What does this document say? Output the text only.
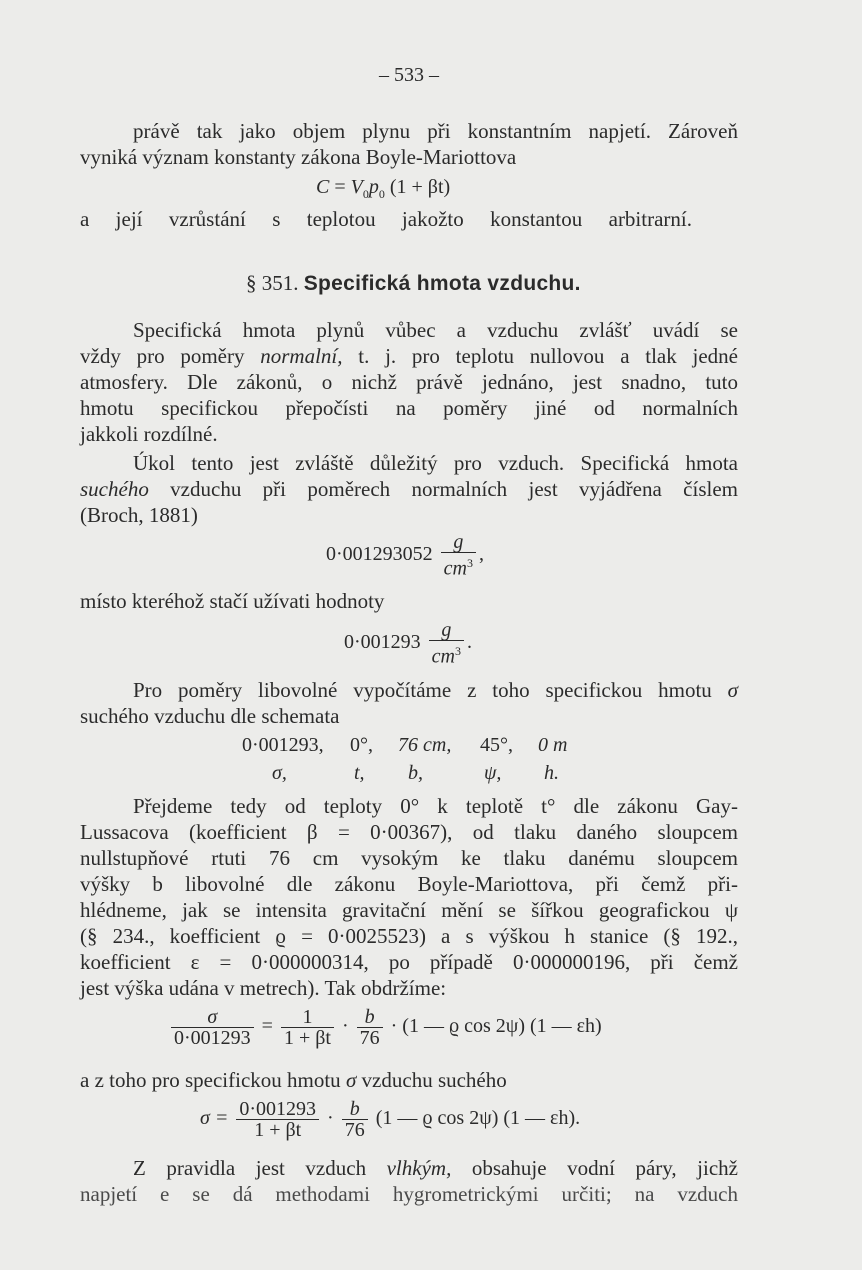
– 533 –
právě tak jako objem plynu při konstantním napjetí. Zároveň
vyniká význam konstanty zákona Boyle-Mariottova
$C = V_0p_0$ (1 + βt)
a její vzrůstání s teplotou jakožto konstantou arbitrarní.
§ 351. Specifická hmota vzduchu.
Specifická hmota plynů vůbec a vzduchu zvlášť uvádí se
vždy pro poměry normalní, t. j. pro teplotu nullovou a tlak jedné
atmosfery. Dle zákonů, o nichž právě jednáno, jest snadno, tuto
hmotu specifickou přepočísti na poměry jiné od normalních
jakkoli rozdílné.
Úkol tento jest zvláště důležitý pro vzduch. Specifická hmota
suchého vzduchu při poměrech normalních jest vyjádřena číslem
(Broch, 1881)
$0\cdot 001293052 \frac{g}{cm^3}$ ,
místo kteréhož stačí užívati hodnoty
$0\cdot 001293 \frac{g}{cm^3}$ .
Pro poměry libovolné vypočítáme z toho specifickou hmotu σ
suchého vzduchu dle schemata
0·001293, 0°, 76 cm, 45°, 0 m
σ,	t, b,	ψ, h.
Přejdeme tedy od teploty 0° k teplotě t° dle zákonu Gay-
Lussacova (koefficient β = 0·00367), od tlaku daného sloupcem
nullstupňové rtuti 76 cm vysokým ke tlaku danému sloupcem
výšky b libovolné dle zákonu Boyle-Mariottova, při čemž při-
hlédneme, jak se intensita gravitační mění se šířkou geografickou ψ
(§ 234., koefficient ϱ = 0·0025523) a s výškou h stanice (§ 192.,
koefficient ε = 0·000000314, po případě 0·000000196, při čemž
jest výška udána v metrech). Tak obdržíme:
$\frac{\sigma}{0\cdot 001293} = \frac{1}{1 + \beta t} \cdot \frac{b}{76} \cdot (1$ — ϱ cos 2ψ) (1 — εh)
a z toho pro specifickou hmotu σ vzduchu suchého
$\sigma = \frac{0\cdot 001293}{1 + \beta t} \cdot \frac{b}{76} (1$ — ϱ cos 2ψ) (1 — εh).
Z pravidla jest vzduch vlhkým, obsahuje vodní páry, jichž
napjetí e se dá methodami hygrometrickými určiti; na vzduch
